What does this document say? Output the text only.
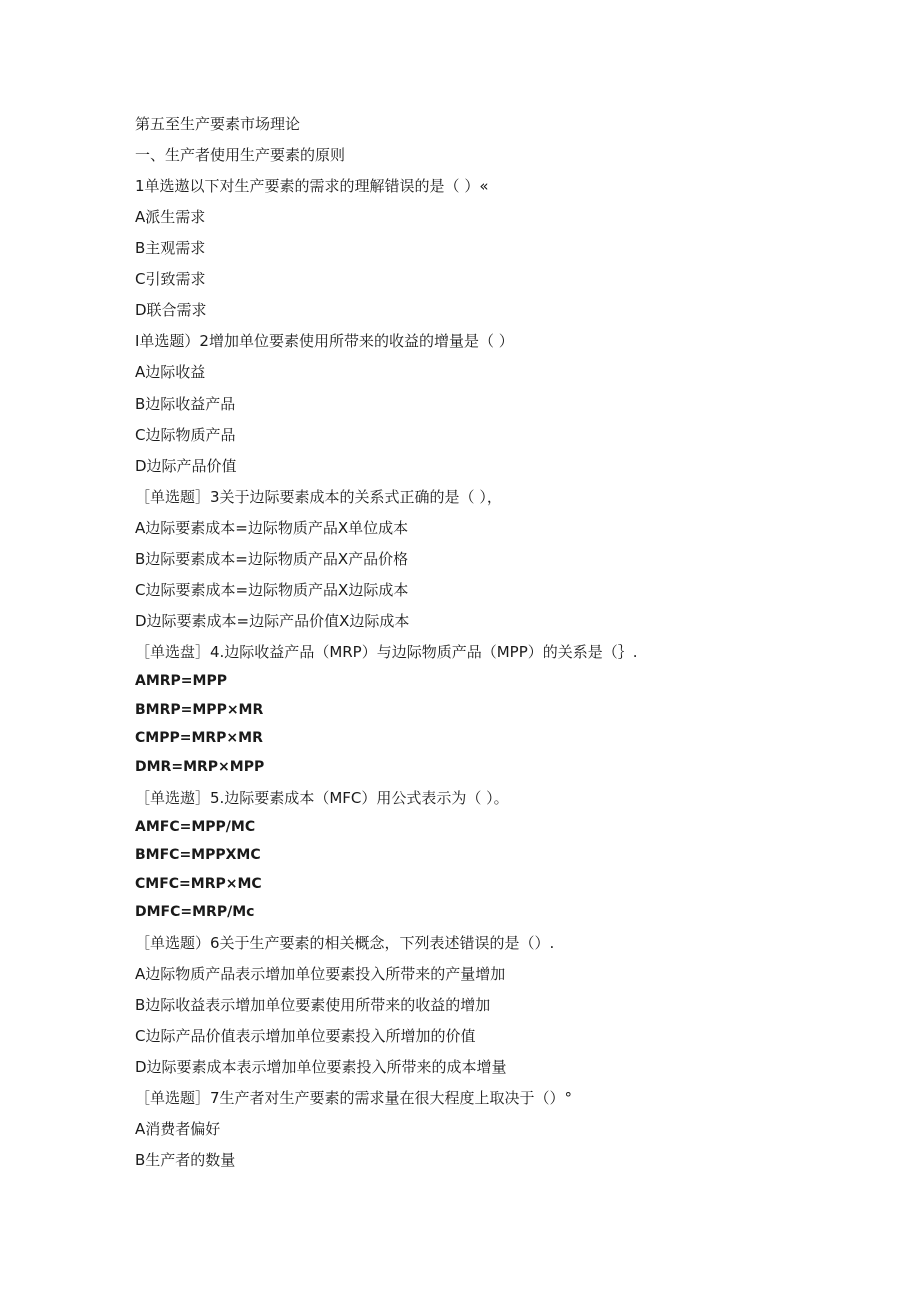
第五至生产要素市场理论
一、生产者使用生产要素的原则
1单选遨以下对生产要素的需求的理解错误的是（ ）«
A派生需求
B主观需求
C引致需求
D联合需求
I单选题）2增加单位要素使用所带来的收益的增量是（ ）
A边际收益
B边际收益产品
C边际物质产品
D边际产品价值
［单选题］3关于边际要素成本的关系式正确的是（ ），
A边际要素成本=边际物质产品X单位成本
B边际要素成本=边际物质产品X产品价格
C边际要素成本=边际物质产品X边际成本
D边际要素成本=边际产品价值X边际成本
［单选盘］4.边际收益产品（MRP）与边际物质产品（MPP）的关系是（｝.
AMRP=MPP
BMRP=MPP×MR
CMPP=MRP×MR
DMR=MRP×MPP
［单选遨］5.边际要素成本（MFC）用公式表示为（ ）。
AMFC=MPP/MC
BMFC=MPPXMC
CMFC=MRP×MC
DMFC=MRP/Mc
［单选题）6关于生产要素的相关概念，下列表述错误的是（）.
A边际物质产品表示增加单位要素投入所带来的产量增加
B边际收益表示增加单位要素使用所带来的收益的增加
C边际产品价值表示增加单位要素投入所增加的价值
D边际要素成本表示增加单位要素投入所带来的成本增量
［单选题］7生产者对生产要素的需求量在很大程度上取决于（）°
A消费者偏好
B生产者的数量
